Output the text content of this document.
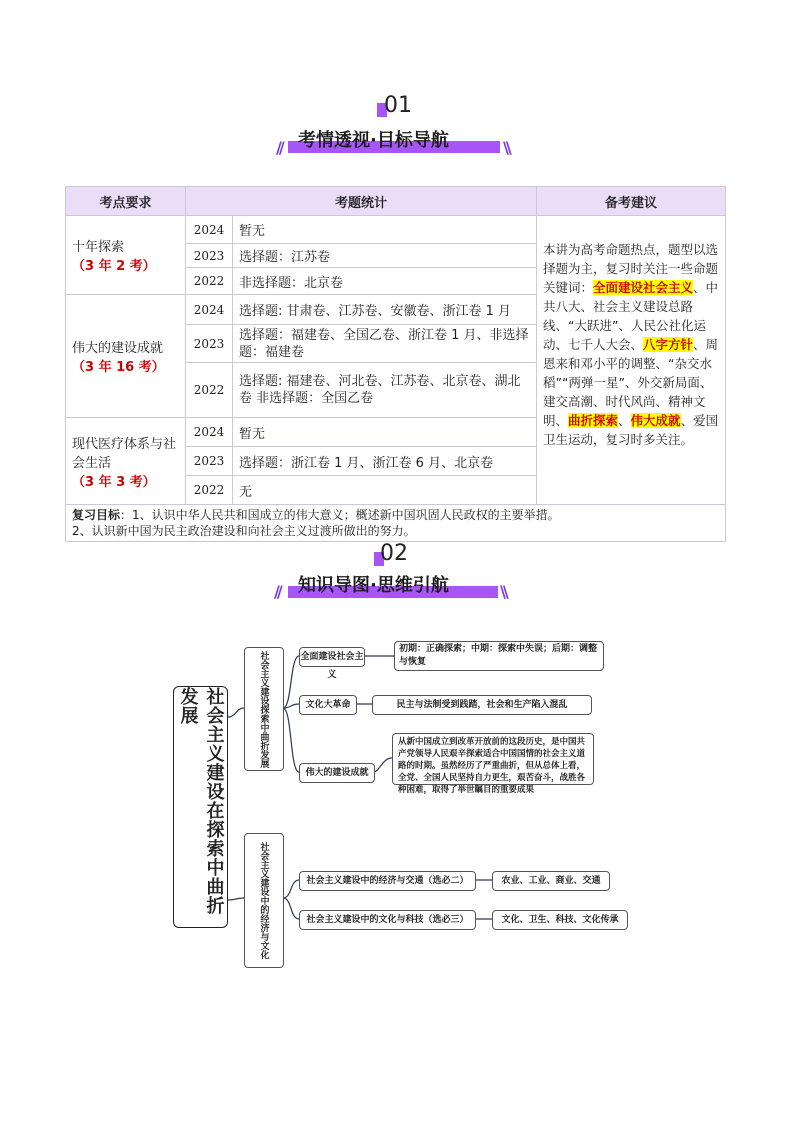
01
// 考情透视·目标导航	\\
考点要求	考题统计		备考建议

十年探索
（3 年 2 考）	2024	暂无	本讲为高考命题热点，题型以选择题为主，复习时关注一些命题关键词：全面建设社会主义、中共八大、社会主义建设总路线、“大跃进”、人民公社化运动、七千人大会、八字方针、周恩来和邓小平的调整、“杂交水稻”“两弹一星”、外交新局面、建交高潮、时代风尚、精神文明、曲折探索、伟大成就、爱国卫生运动，复习时多关注。
	2023	选择题：江苏卷	
	2022	非选择题：北京卷	

伟大的建设成就
（3 年 16 考）	2024	选择题: 甘肃卷、江苏卷、安徽卷、浙江卷 1 月	
	2023	选择题：福建卷、全国乙卷、浙江卷 1 月、非选择题：福建卷	
	2022	选择题: 福建卷、河北卷、江苏卷、北京卷、湖北卷 非选择题：全国乙卷	

现代医疗体系与社会生活
（3 年 3 考）	2024	暂无	
	2023	选择题：浙江卷 1 月、浙江卷 6 月、北京卷	
	2022	无	
复习目标：1、认识中华人民共和国成立的伟大意义；概述新中国巩固人民政权的主要举措。
2、认识新中国为民主政治建设和向社会主义过渡所做出的努力。			
02
// 知识导图·思维引航	\\
社会主义建设在探索中曲折发展	社会主义建设探索中曲折发展
社会主义建设中的经济与文化
全面建设社会主义
初期：正确探索；中期：探索中失误；后期：调整与恢复
文化大革命	民主与法制受到践踏，社会和生产陷入混乱
伟大的建设成就
从新中国成立到改革开放前的这段历史，是中国共产党领导人民艰辛探索适合中国国情的社会主义道路的时期。虽然经历了严重曲折，但从总体上看，全党、全国人民坚持自力更生，艰苦奋斗，战胜各种困难，取得了举世瞩目的重要成果
社会主义建设中的经济与交通（选必二）	农业、工业、商业、交通
社会主义建设中的文化与科技（选必三）	文化、卫生、科技、文化传承
